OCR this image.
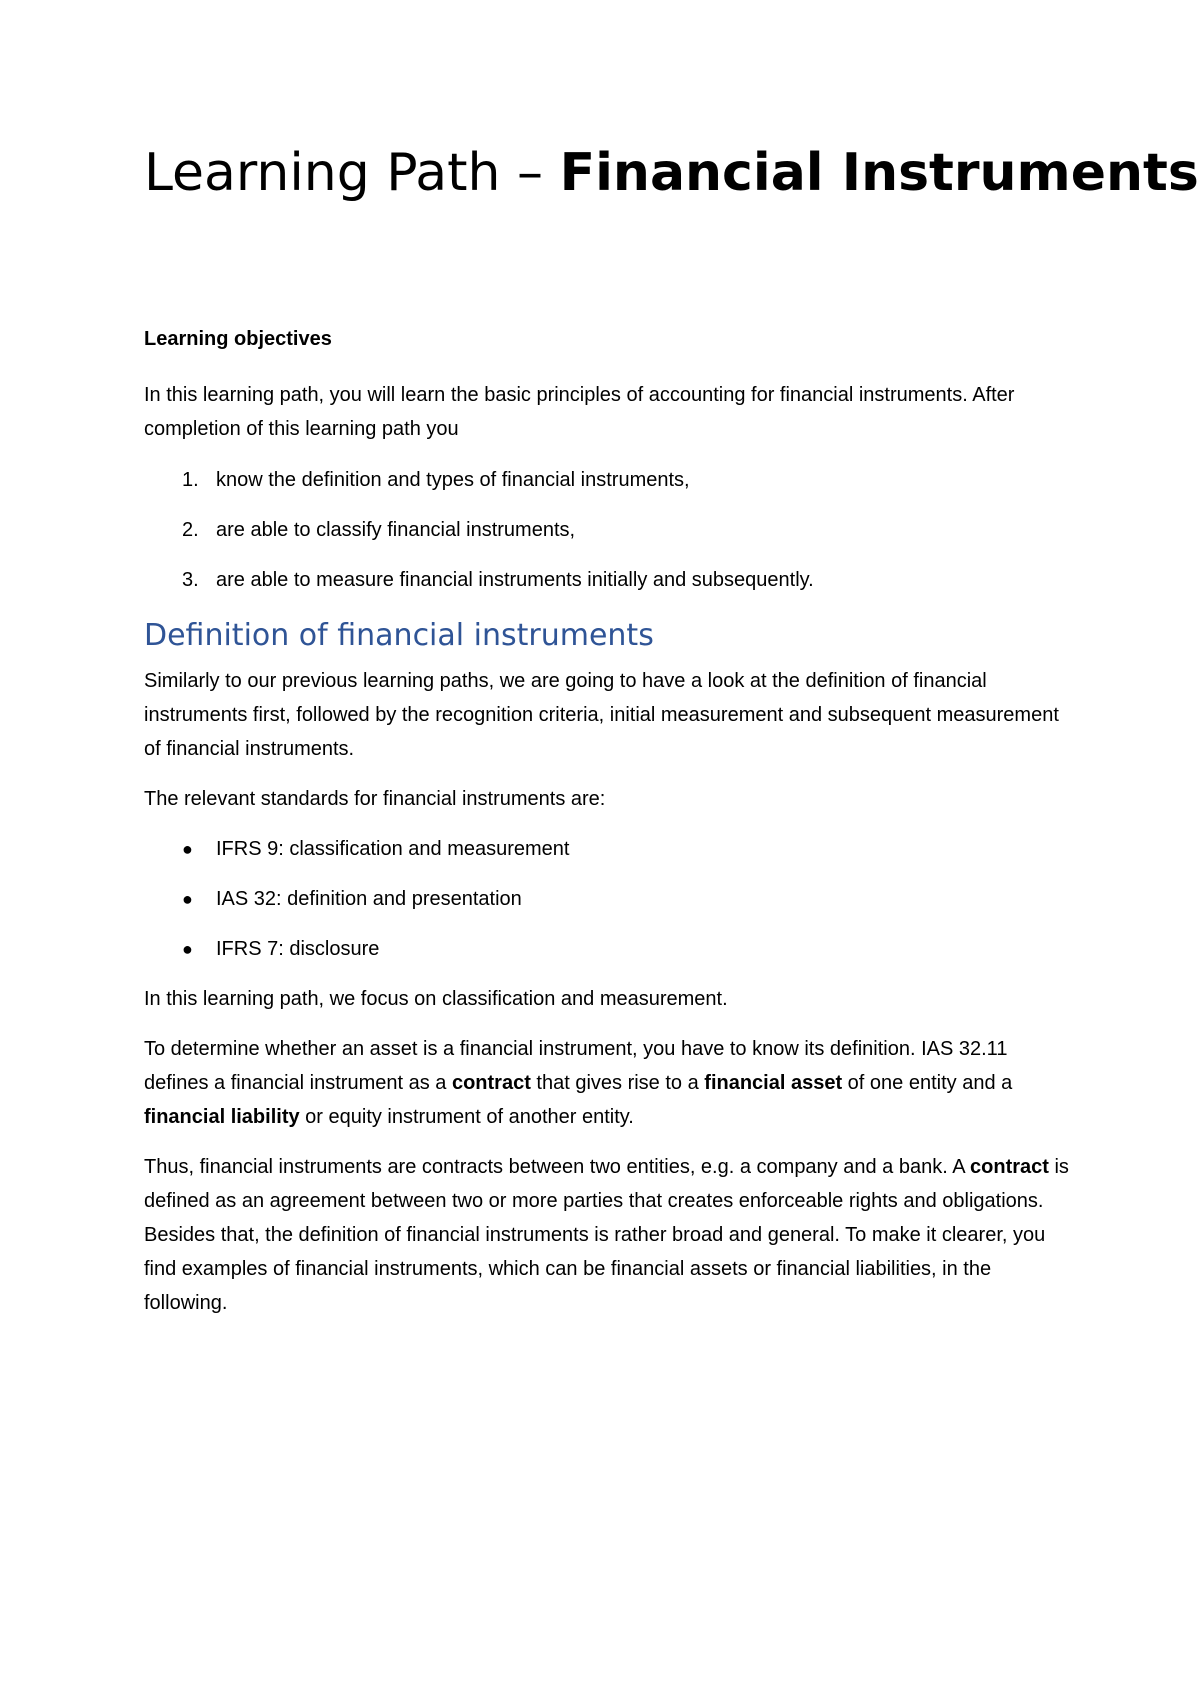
Learning Path – Financial Instruments

Learning objectives

In this learning path, you will learn the basic principles of accounting for financial instruments. After completion of this learning path you

1. know the definition and types of financial instruments,
2. are able to classify financial instruments,
3. are able to measure financial instruments initially and subsequently.
Definition of financial instruments

Similarly to our previous learning paths, we are going to have a look at the definition of financial instruments first, followed by the recognition criteria, initial measurement and subsequent measurement of financial instruments.

The relevant standards for financial instruments are:

●	IFRS 9: classification and measurement
●	IAS 32: definition and presentation
●	IFRS 7: disclosure

In this learning path, we focus on classification and measurement.

To determine whether an asset is a financial instrument, you have to know its definition. IAS 32.11 defines a financial instrument as a contract that gives rise to a financial asset of one entity and a financial liability or equity instrument of another entity.

Thus, financial instruments are contracts between two entities, e.g. a company and a bank. A contract is defined as an agreement between two or more parties that creates enforceable rights and obligations. Besides that, the definition of financial instruments is rather broad and general. To make it clearer, you find examples of financial instruments, which can be financial assets or financial liabilities, in the following.
